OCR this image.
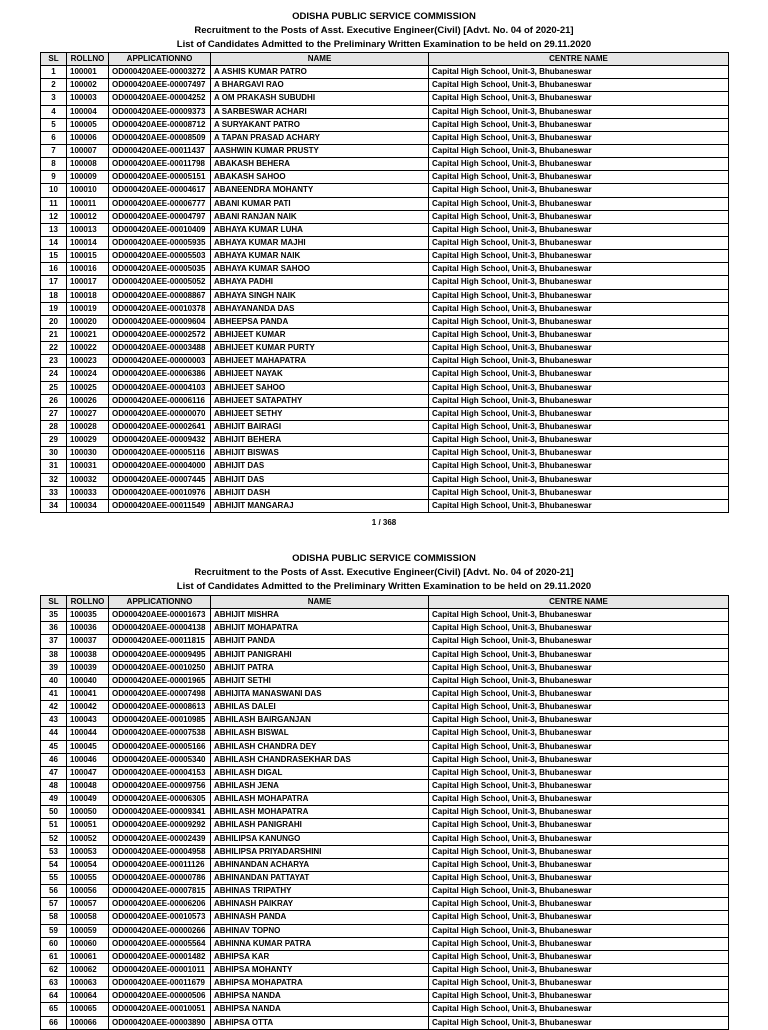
ODISHA PUBLIC SERVICE COMMISSION
Recruitment to the Posts of Asst. Executive Engineer(Civil) [Advt. No. 04 of 2020-21]
List of Candidates Admitted to the Preliminary Written Examination to be held on 29.11.2020
SL	ROLLNO	APPLICATIONNO	NAME	CENTRE NAME
1	100001	OD000420AEE-00003272	A ASHIS KUMAR PATRO	Capital High School, Unit-3, Bhubaneswar
2	100002	OD000420AEE-00007497	A BHARGAVI RAO	Capital High School, Unit-3, Bhubaneswar
3	100003	OD000420AEE-00004252	A OM PRAKASH SUBUDHI	Capital High School, Unit-3, Bhubaneswar
4	100004	OD000420AEE-00009373	A SARBESWAR ACHARI	Capital High School, Unit-3, Bhubaneswar
5	100005	OD000420AEE-00008712	A SURYAKANT PATRO	Capital High School, Unit-3, Bhubaneswar
6	100006	OD000420AEE-00008509	A TAPAN PRASAD ACHARY	Capital High School, Unit-3, Bhubaneswar
7	100007	OD000420AEE-00011437	AASHWIN KUMAR PRUSTY	Capital High School, Unit-3, Bhubaneswar
8	100008	OD000420AEE-00011798	ABAKASH BEHERA	Capital High School, Unit-3, Bhubaneswar
9	100009	OD000420AEE-00005151	ABAKASH SAHOO	Capital High School, Unit-3, Bhubaneswar
10	100010	OD000420AEE-00004617	ABANEENDRA MOHANTY	Capital High School, Unit-3, Bhubaneswar
11	100011	OD000420AEE-00006777	ABANI KUMAR PATI	Capital High School, Unit-3, Bhubaneswar
12	100012	OD000420AEE-00004797	ABANI RANJAN NAIK	Capital High School, Unit-3, Bhubaneswar
13	100013	OD000420AEE-00010409	ABHAYA KUMAR LUHA	Capital High School, Unit-3, Bhubaneswar
14	100014	OD000420AEE-00005935	ABHAYA KUMAR MAJHI	Capital High School, Unit-3, Bhubaneswar
15	100015	OD000420AEE-00005503	ABHAYA KUMAR NAIK	Capital High School, Unit-3, Bhubaneswar
16	100016	OD000420AEE-00005035	ABHAYA KUMAR SAHOO	Capital High School, Unit-3, Bhubaneswar
17	100017	OD000420AEE-00005052	ABHAYA PADHI	Capital High School, Unit-3, Bhubaneswar
18	100018	OD000420AEE-00008867	ABHAYA SINGH NAIK	Capital High School, Unit-3, Bhubaneswar
19	100019	OD000420AEE-00010378	ABHAYANANDA DAS	Capital High School, Unit-3, Bhubaneswar
20	100020	OD000420AEE-00009604	ABHEEPSA PANDA	Capital High School, Unit-3, Bhubaneswar
21	100021	OD000420AEE-00002572	ABHIJEET KUMAR	Capital High School, Unit-3, Bhubaneswar
22	100022	OD000420AEE-00003488	ABHIJEET KUMAR PURTY	Capital High School, Unit-3, Bhubaneswar
23	100023	OD000420AEE-00000003	ABHIJEET MAHAPATRA	Capital High School, Unit-3, Bhubaneswar
24	100024	OD000420AEE-00006386	ABHIJEET NAYAK	Capital High School, Unit-3, Bhubaneswar
25	100025	OD000420AEE-00004103	ABHIJEET SAHOO	Capital High School, Unit-3, Bhubaneswar
26	100026	OD000420AEE-00006116	ABHIJEET SATAPATHY	Capital High School, Unit-3, Bhubaneswar
27	100027	OD000420AEE-00000070	ABHIJEET SETHY	Capital High School, Unit-3, Bhubaneswar
28	100028	OD000420AEE-00002641	ABHIJIT BAIRAGI	Capital High School, Unit-3, Bhubaneswar
29	100029	OD000420AEE-00009432	ABHIJIT BEHERA	Capital High School, Unit-3, Bhubaneswar
30	100030	OD000420AEE-00005116	ABHIJIT BISWAS	Capital High School, Unit-3, Bhubaneswar
31	100031	OD000420AEE-00004000	ABHIJIT DAS	Capital High School, Unit-3, Bhubaneswar
32	100032	OD000420AEE-00007445	ABHIJIT DAS	Capital High School, Unit-3, Bhubaneswar
33	100033	OD000420AEE-00010976	ABHIJIT DASH	Capital High School, Unit-3, Bhubaneswar
34	100034	OD000420AEE-00011549	ABHIJIT MANGARAJ	Capital High School, Unit-3, Bhubaneswar
1 / 368
ODISHA PUBLIC SERVICE COMMISSION
Recruitment to the Posts of Asst. Executive Engineer(Civil) [Advt. No. 04 of 2020-21]
List of Candidates Admitted to the Preliminary Written Examination to be held on 29.11.2020
SL	ROLLNO	APPLICATIONNO	NAME	CENTRE NAME
35	100035	OD000420AEE-00001673	ABHIJIT MISHRA	Capital High School, Unit-3, Bhubaneswar
36	100036	OD000420AEE-00004138	ABHIJIT MOHAPATRA	Capital High School, Unit-3, Bhubaneswar
37	100037	OD000420AEE-00011815	ABHIJIT PANDA	Capital High School, Unit-3, Bhubaneswar
38	100038	OD000420AEE-00009495	ABHIJIT PANIGRAHI	Capital High School, Unit-3, Bhubaneswar
39	100039	OD000420AEE-00010250	ABHIJIT PATRA	Capital High School, Unit-3, Bhubaneswar
40	100040	OD000420AEE-00001965	ABHIJIT SETHI	Capital High School, Unit-3, Bhubaneswar
41	100041	OD000420AEE-00007498	ABHIJITA MANASWANI DAS	Capital High School, Unit-3, Bhubaneswar
42	100042	OD000420AEE-00008613	ABHILAS DALEI	Capital High School, Unit-3, Bhubaneswar
43	100043	OD000420AEE-00010985	ABHILASH BAIRGANJAN	Capital High School, Unit-3, Bhubaneswar
44	100044	OD000420AEE-00007538	ABHILASH BISWAL	Capital High School, Unit-3, Bhubaneswar
45	100045	OD000420AEE-00005166	ABHILASH CHANDRA DEY	Capital High School, Unit-3, Bhubaneswar
46	100046	OD000420AEE-00005340	ABHILASH CHANDRASEKHAR DAS	Capital High School, Unit-3, Bhubaneswar
47	100047	OD000420AEE-00004153	ABHILASH DIGAL	Capital High School, Unit-3, Bhubaneswar
48	100048	OD000420AEE-00009756	ABHILASH JENA	Capital High School, Unit-3, Bhubaneswar
49	100049	OD000420AEE-00006305	ABHILASH MOHAPATRA	Capital High School, Unit-3, Bhubaneswar
50	100050	OD000420AEE-00009341	ABHILASH MOHAPATRA	Capital High School, Unit-3, Bhubaneswar
51	100051	OD000420AEE-00009292	ABHILASH PANIGRAHI	Capital High School, Unit-3, Bhubaneswar
52	100052	OD000420AEE-00002439	ABHILIPSA KANUNGO	Capital High School, Unit-3, Bhubaneswar
53	100053	OD000420AEE-00004958	ABHILIPSA PRIYADARSHINI	Capital High School, Unit-3, Bhubaneswar
54	100054	OD000420AEE-00011126	ABHINANDAN ACHARYA	Capital High School, Unit-3, Bhubaneswar
55	100055	OD000420AEE-00000786	ABHINANDAN PATTAYAT	Capital High School, Unit-3, Bhubaneswar
56	100056	OD000420AEE-00007815	ABHINAS TRIPATHY	Capital High School, Unit-3, Bhubaneswar
57	100057	OD000420AEE-00006206	ABHINASH PAIKRAY	Capital High School, Unit-3, Bhubaneswar
58	100058	OD000420AEE-00010573	ABHINASH PANDA	Capital High School, Unit-3, Bhubaneswar
59	100059	OD000420AEE-00000266	ABHINAV TOPNO	Capital High School, Unit-3, Bhubaneswar
60	100060	OD000420AEE-00005564	ABHINNA KUMAR PATRA	Capital High School, Unit-3, Bhubaneswar
61	100061	OD000420AEE-00001482	ABHIPSA KAR	Capital High School, Unit-3, Bhubaneswar
62	100062	OD000420AEE-00001011	ABHIPSA MOHANTY	Capital High School, Unit-3, Bhubaneswar
63	100063	OD000420AEE-00011679	ABHIPSA MOHAPATRA	Capital High School, Unit-3, Bhubaneswar
64	100064	OD000420AEE-00000506	ABHIPSA NANDA	Capital High School, Unit-3, Bhubaneswar
65	100065	OD000420AEE-00010051	ABHIPSA NANDA	Capital High School, Unit-3, Bhubaneswar
66	100066	OD000420AEE-00003890	ABHIPSA OTTA	Capital High School, Unit-3, Bhubaneswar
